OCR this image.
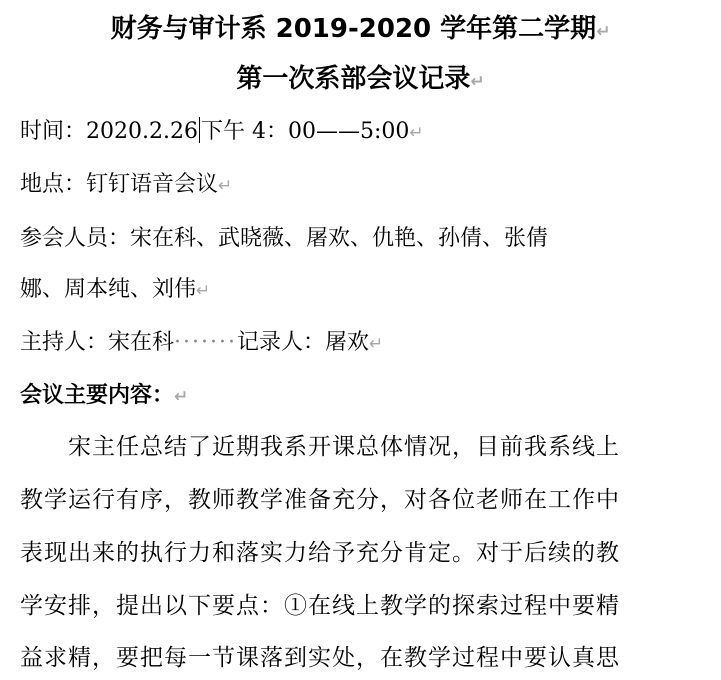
财务与审计系 2019-2020 学年第二学期↵
第一次系部会议记录↵
时间：2020.2.26 下午 4：00——5:00↵
地点：钉钉语音会议↵
参会人员：宋在科、武晓薇、屠欢、仇艳、孙倩、张倩
娜、周本纯、刘伟↵
主持人：宋在科·······记录人：屠欢↵
会议主要内容：↵
宋主任总结了近期我系开课总体情况，目前我系线上
教学运行有序，教师教学准备充分，对各位老师在工作中
表现出来的执行力和落实力给予充分肯定。对于后续的教
学安排，提出以下要点：①在线上教学的探索过程中要精
益求精，要把每一节课落到实处，在教学过程中要认真思
